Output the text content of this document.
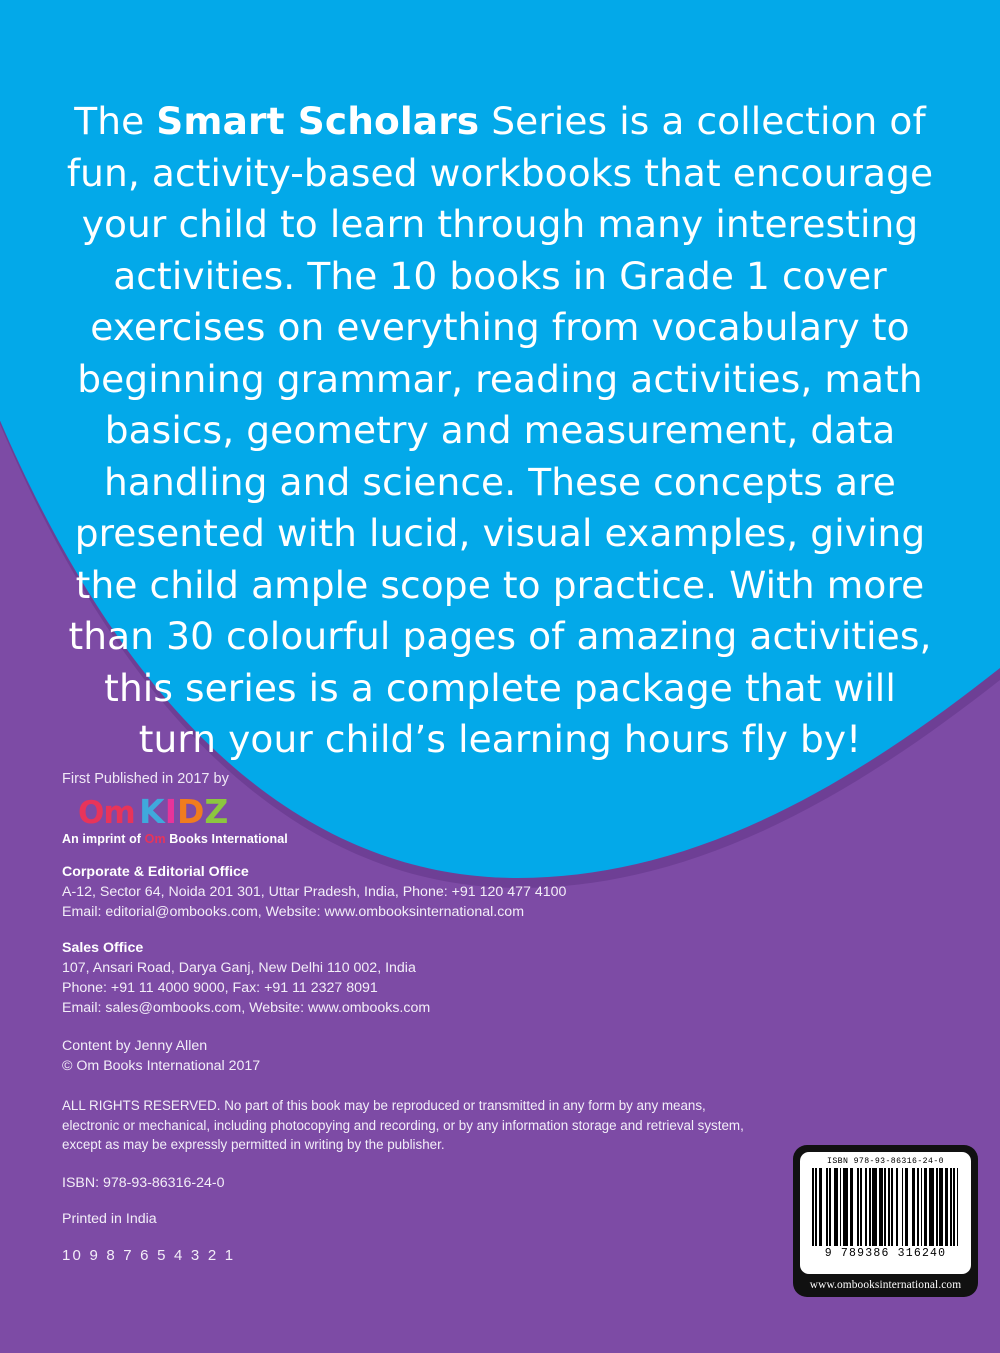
The Smart Scholars Series is a collection of fun, activity-based workbooks that encourage your child to learn through many interesting activities. The 10 books in Grade 1 cover exercises on everything from vocabulary to beginning grammar, reading activities, math basics, geometry and measurement, data handling and science. These concepts are presented with lucid, visual examples, giving the child ample scope to practice. With more than 30 colourful pages of amazing activities, this series is a complete package that will turn your child’s learning hours fly by!
First Published in 2017 by
Om KIDZ
An imprint of Om Books International
Corporate & Editorial Office
A-12, Sector 64, Noida 201 301, Uttar Pradesh, India, Phone: +91 120 477 4100
Email: editorial@ombooks.com, Website: www.ombooksinternational.com
Sales Office
107, Ansari Road, Darya Ganj, New Delhi 110 002, India
Phone: +91 11 4000 9000, Fax: +91 11 2327 8091
Email: sales@ombooks.com, Website: www.ombooks.com
Content by Jenny Allen
© Om Books International 2017
ALL RIGHTS RESERVED. No part of this book may be reproduced or transmitted in any form by any means, electronic or mechanical, including photocopying and recording, or by any information storage and retrieval system, except as may be expressly permitted in writing by the publisher.
ISBN: 978-93-86316-24-0
Printed in India
10 9 8 7 6 5 4 3 2 1
ISBN 978-93-86316-24-0
9 789386 316240
www.ombooksinternational.com
